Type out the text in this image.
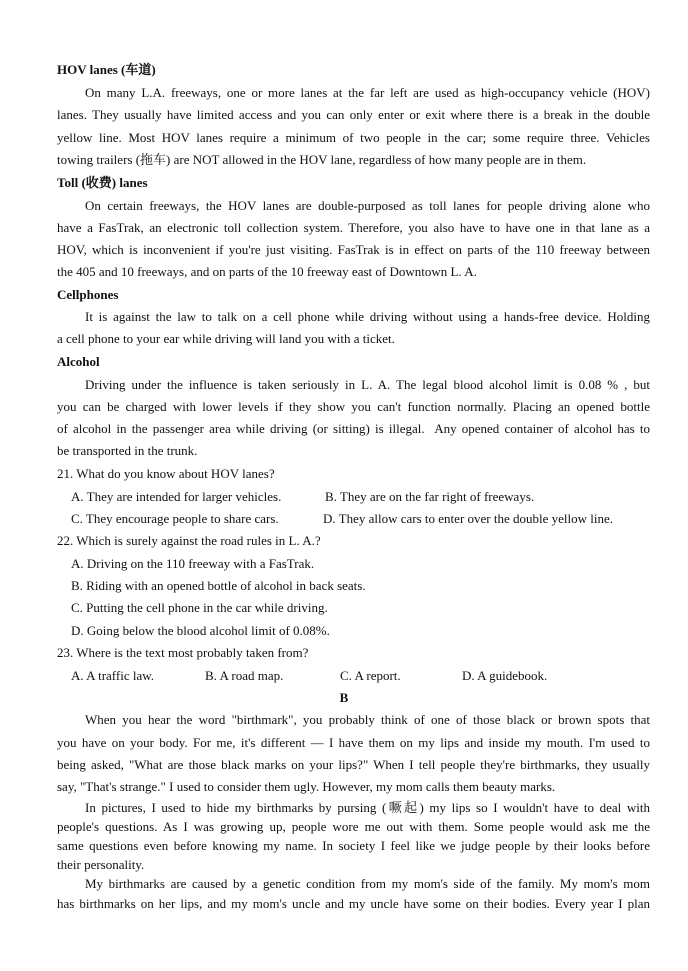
HOV lanes (车道)
On many L.A. freeways, one or more lanes at the far left are used as high-occupancy vehicle (HOV)
lanes. They usually have limited access and you can only enter or exit where there is a break in the double
yellow line. Most HOV lanes require a minimum of two people in the car; some require three. Vehicles
towing trailers (拖车) are NOT allowed in the HOV lane, regardless of how many people are in them.
Toll (收费) lanes
On certain freeways, the HOV lanes are double-purposed as toll lanes for people driving alone who
have a FasTrak, an electronic toll collection system. Therefore, you also have to have one in that lane as a
HOV, which is inconvenient if you're just visiting. FasTrak is in effect on parts of the 110 freeway between
the 405 and 10 freeways, and on parts of the 10 freeway east of Downtown L. A.
Cellphones
It is against the law to talk on a cell phone while driving without using a hands-free device. Holding
a cell phone to your ear while driving will land you with a ticket.
Alcohol
Driving under the influence is taken seriously in L. A. The legal blood alcohol limit is 0.08 % , but
you can be charged with lower levels if they show you can't function normally. Placing an opened bottle
of alcohol in the passenger area while driving (or sitting) is illegal.  Any opened container of alcohol has to
be transported in the trunk.
21. What do you know about HOV lanes?
A. They are intended for larger vehicles.	B. They are on the far right of freeways.
C. They encourage people to share cars.	D. They allow cars to enter over the double yellow line.
22. Which is surely against the road rules in L. A.?
A. Driving on the 110 freeway with a FasTrak.
B. Riding with an opened bottle of alcohol in back seats.
C. Putting the cell phone in the car while driving.
D. Going below the blood alcohol limit of 0.08%.
23. Where is the text most probably taken from?
A. A traffic law.	B. A road map.	C. A report.	D. A guidebook.
B
When you hear the word "birthmark", you probably think of one of those black or brown spots that
you have on your body. For me, it's different — I have them on my lips and inside my mouth. I'm used to
being asked, "What are those black marks on your lips?" When I tell people they're birthmarks, they usually
say, "That's strange." I used to consider them ugly. However, my mom calls them beauty marks.
In pictures, I used to hide my birthmarks by pursing (噘起) my lips so I wouldn't have to deal with
people's questions. As I was growing up, people wore me out with them. Some people would ask me the
same questions even before knowing my name. In society I feel like we judge people by their looks before
their personality.
My birthmarks are caused by a genetic condition from my mom's side of the family. My mom's mom
has birthmarks on her lips, and my mom's uncle and my uncle have some on their bodies. Every year I plan
